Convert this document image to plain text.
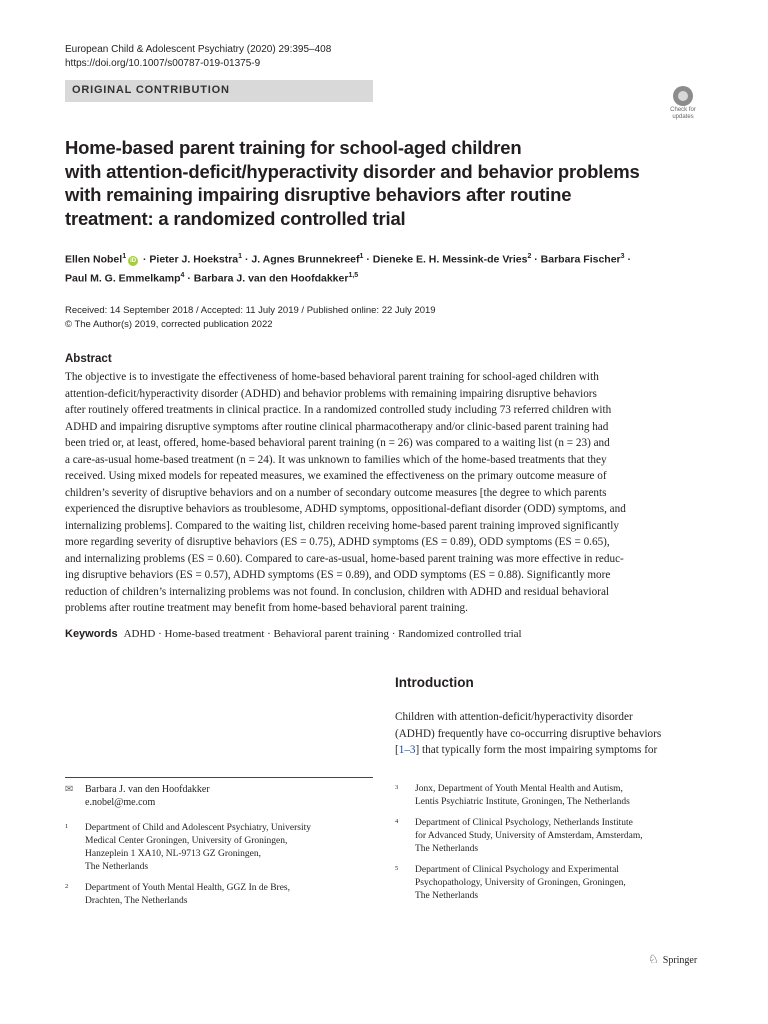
European Child & Adolescent Psychiatry (2020) 29:395–408
https://doi.org/10.1007/s00787-019-01375-9
ORIGINAL CONTRIBUTION
Check for
updates
Home-based parent training for school-aged children
with attention-deficit/hyperactivity disorder and behavior problems
with remaining impairing disruptive behaviors after routine
treatment: a randomized controlled trial
Ellen Nobel$^1$iD · Pieter J. Hoekstra$^1$ · J. Agnes Brunnekreef$^1$ · Dieneke E. H. Messink-de Vries$^2$ · Barbara Fischer$^3$ ·
Paul M. G. Emmelkamp$^4$ · Barbara J. van den Hoofdakker$^{1,5}$
Received: 14 September 2018 / Accepted: 11 July 2019 / Published online: 22 July 2019
© The Author(s) 2019, corrected publication 2022
Abstract
The objective is to investigate the effectiveness of home-based behavioral parent training for school-aged children with
attention-deficit/hyperactivity disorder (ADHD) and behavior problems with remaining impairing disruptive behaviors
after routinely offered treatments in clinical practice. In a randomized controlled study including 73 referred children with
ADHD and impairing disruptive symptoms after routine clinical pharmacotherapy and/or clinic-based parent training had
been tried or, at least, offered, home-based behavioral parent training (n = 26) was compared to a waiting list (n = 23) and
a care-as-usual home-based treatment (n = 24). It was unknown to families which of the home-based treatments that they
received. Using mixed models for repeated measures, we examined the effectiveness on the primary outcome measure of
children’s severity of disruptive behaviors and on a number of secondary outcome measures [the degree to which parents
experienced the disruptive behaviors as troublesome, ADHD symptoms, oppositional-defiant disorder (ODD) symptoms, and
internalizing problems]. Compared to the waiting list, children receiving home-based parent training improved significantly
more regarding severity of disruptive behaviors (ES = 0.75), ADHD symptoms (ES = 0.89), ODD symptoms (ES = 0.65),
and internalizing problems (ES = 0.60). Compared to care-as-usual, home-based parent training was more effective in reduc-
ing disruptive behaviors (ES = 0.57), ADHD symptoms (ES = 0.89), and ODD symptoms (ES = 0.88). Significantly more
reduction of children’s internalizing problems was not found. In conclusion, children with ADHD and residual behavioral
problems after routine treatment may benefit from home-based behavioral parent training.
Keywords ADHD · Home-based treatment · Behavioral parent training · Randomized controlled trial
Introduction
Children with attention-deficit/hyperactivity disorder
(ADHD) frequently have co-occurring disruptive behaviors
[1–3] that typically form the most impairing symptoms for
✉ Barbara J. van den Hoofdakker
e.nobel@me.com
1 Department of Child and Adolescent Psychiatry, University
Medical Center Groningen, University of Groningen,
Hanzeplein 1 XA10, NL-9713 GZ Groningen,
The Netherlands
2 Department of Youth Mental Health, GGZ In de Bres,
Drachten, The Netherlands
3 Jonx, Department of Youth Mental Health and Autism,
Lentis Psychiatric Institute, Groningen, The Netherlands
4 Department of Clinical Psychology, Netherlands Institute
for Advanced Study, University of Amsterdam, Amsterdam,
The Netherlands
5 Department of Clinical Psychology and Experimental
Psychopathology, University of Groningen, Groningen,
The Netherlands
♘ Springer
